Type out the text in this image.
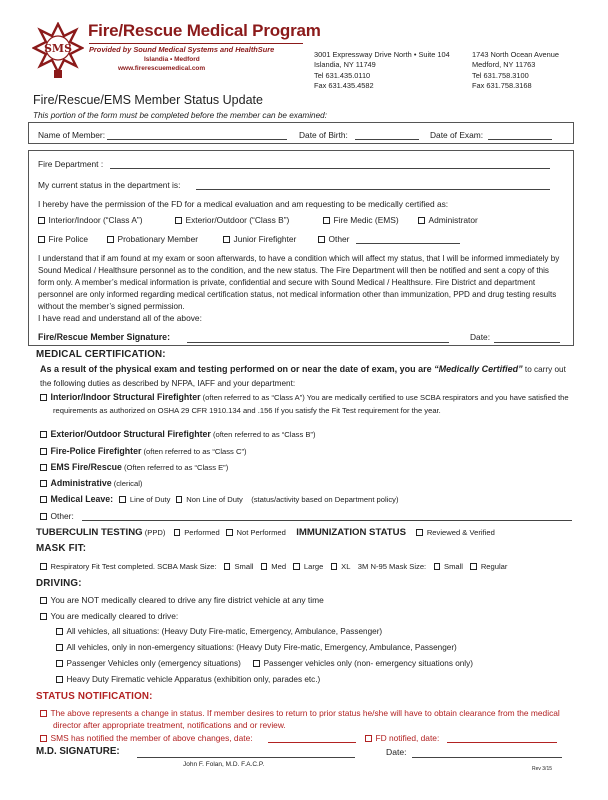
SMS
Fire/Rescue Medical Program
Provided by Sound Medical Systems and HealthSure
Islandia • Medford
www.firerescuemedical.com
3001 Expressway Drive North • Suite 104
Islandia, NY 11749
Tel 631.435.0110
Fax 631.435.4582
1743 North Ocean Avenue
Medford, NY 11763
Tel 631.758.3100
Fax 631.758.3168
Fire/Rescue/EMS Member Status Update
This portion of the form must be completed before the member can be examined:
Name of Member:	Date of Birth:	Date of Exam:
Fire Department :
My current status in the department is:
I hereby have the permission of the FD for a medical evaluation and am requesting to be medically certified as:
Interior/Indoor (“Class A”)	Exterior/Outdoor (“Class B”)	Fire Medic (EMS)	Administrator
Fire Police	Probationary Member	Junior Firefighter	Other
I understand that if am found at my exam or soon afterwards, to have a condition which will affect my status, that I will be informed immediately by Sound Medical / Healthsure personnel as to the condition, and the new status. The Fire Department will then be notified and sent a copy of this form only. A member’s medical information is private, confidential and secure with Sound Medical / Healthsure. Fire District and department personnel are only informed regarding medical certification status, not medical information other than immunization, PPD and drug testing results without the member’s signed permission.
I have read and understand all of the above:
Fire/Rescue Member Signature:	Date:
MEDICAL CERTIFICATION:
As a result of the physical exam and testing performed on or near the date of exam, you are “Medically Certified” to carry out the following duties as described by NFPA, IAFF and your department:
Interior/Indoor Structural Firefighter (often referred to as “Class A”) You are medically certified to use SCBA respirators and you have satisfied the requirements as authorized on OSHA 29 CFR 1910.134 and .156 If you satisfy the Fit Test requirement for the year.
Exterior/Outdoor Structural Firefighter (often referred to as “Class B”)
Fire-Police Firefighter (often referred to as “Class C”)
EMS Fire/Rescue (Often referred to as “Class E”)
Administrative (clerical)
Medical Leave: Line of Duty Non Line of Duty (status/activity based on Department policy)
Other:
TUBERCULIN TESTING (PPD) Performed Not Performed IMMUNIZATION STATUS	Reviewed & Verified
MASK FIT:
Respiratory Fit Test completed. SCBA Mask Size: Small Med Large XL 3M N-95 Mask Size: Small Regular
DRIVING:
You are NOT medically cleared to drive any fire district vehicle at any time
You are medically cleared to drive:
All vehicles, all situations: (Heavy Duty Fire-matic, Emergency, Ambulance, Passenger)
All vehicles, only in non-emergency situations: (Heavy Duty Fire-matic, Emergency, Ambulance, Passenger)
Passenger Vehicles only (emergency situations)	Passenger vehicles only (non- emergency situations only)
Heavy Duty Firematic vehicle Apparatus (exhibition only, parades etc.)
STATUS NOTIFICATION:
The above represents a change in status. If member desires to return to prior status he/she will have to obtain clearance from the medical director after appropriate treatment, notifications and or review.
SMS has notified the member of above changes, date:	FD notified, date:
M.D. SIGNATURE:
John F. Folan, M.D. F.A.C.P.
Date:
Rev 3/15
